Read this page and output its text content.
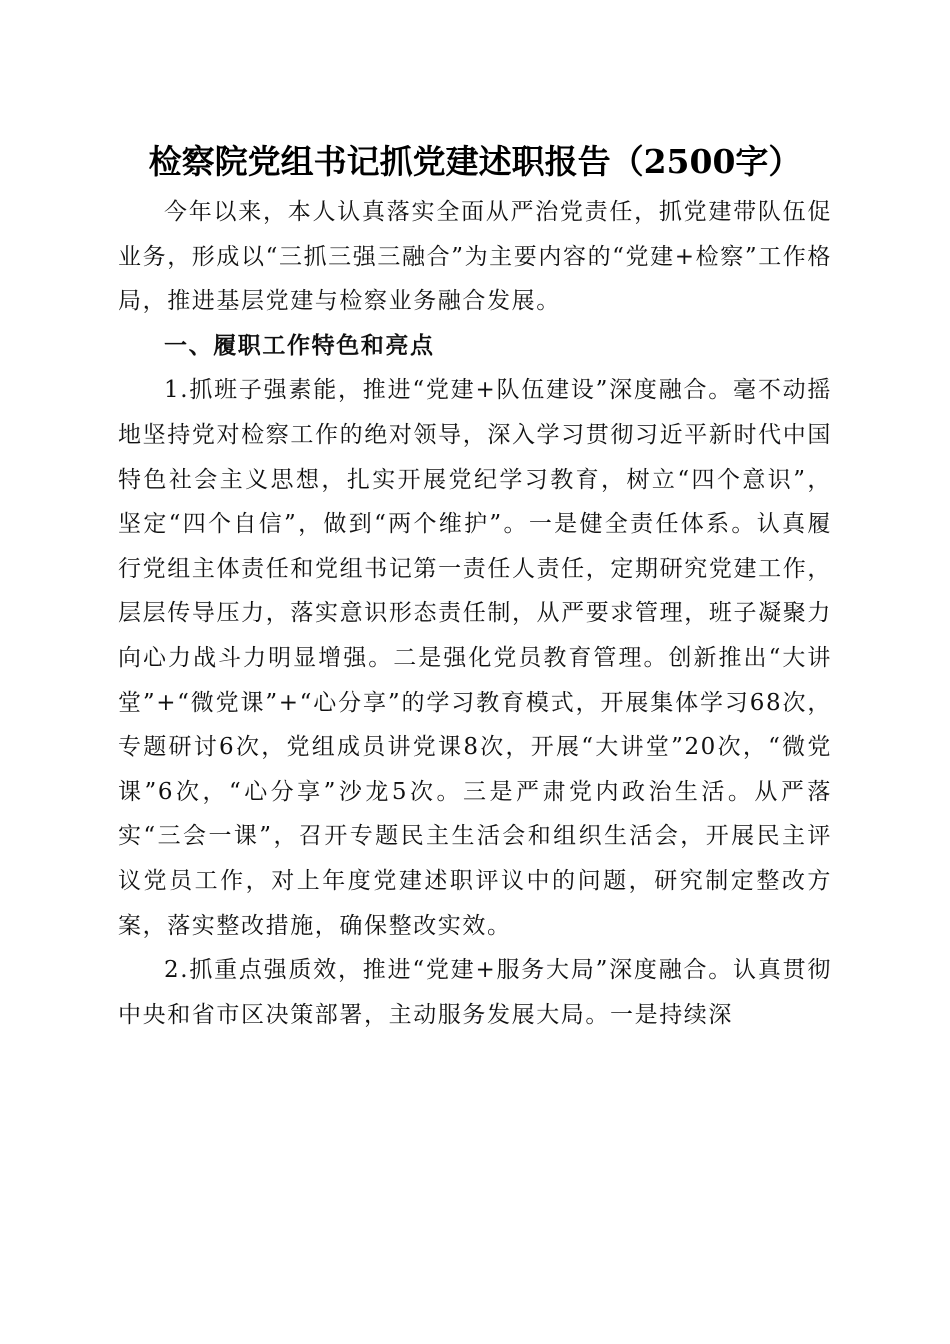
检察院党组书记抓党建述职报告（2500字）

今年以来，本人认真落实全面从严治党责任，抓党建带队伍促业务，形成以“三抓三强三融合”为主要内容的“党建+检察”工作格局，推进基层党建与检察业务融合发展。

一、履职工作特色和亮点

1.抓班子强素能，推进“党建+队伍建设”深度融合。毫不动摇地坚持党对检察工作的绝对领导，深入学习贯彻习近平新时代中国特色社会主义思想，扎实开展党纪学习教育，树立“四个意识”，坚定“四个自信”，做到“两个维护”。一是健全责任体系。认真履行党组主体责任和党组书记第一责任人责任，定期研究党建工作，层层传导压力，落实意识形态责任制，从严要求管理，班子凝聚力向心力战斗力明显增强。二是强化党员教育管理。创新推出“大讲堂”+“微党课”+“心分享”的学习教育模式，开展集体学习68次，专题研讨6次，党组成员讲党课8次，开展“大讲堂”20次，“微党课”6次，“心分享”沙龙5次。三是严肃党内政治生活。从严落实“三会一课”，召开专题民主生活会和组织生活会，开展民主评议党员工作，对上年度党建述职评议中的问题，研究制定整改方案，落实整改措施，确保整改实效。

2.抓重点强质效，推进“党建+服务大局”深度融合。认真贯彻中央和省市区决策部署，主动服务发展大局。一是持续深
